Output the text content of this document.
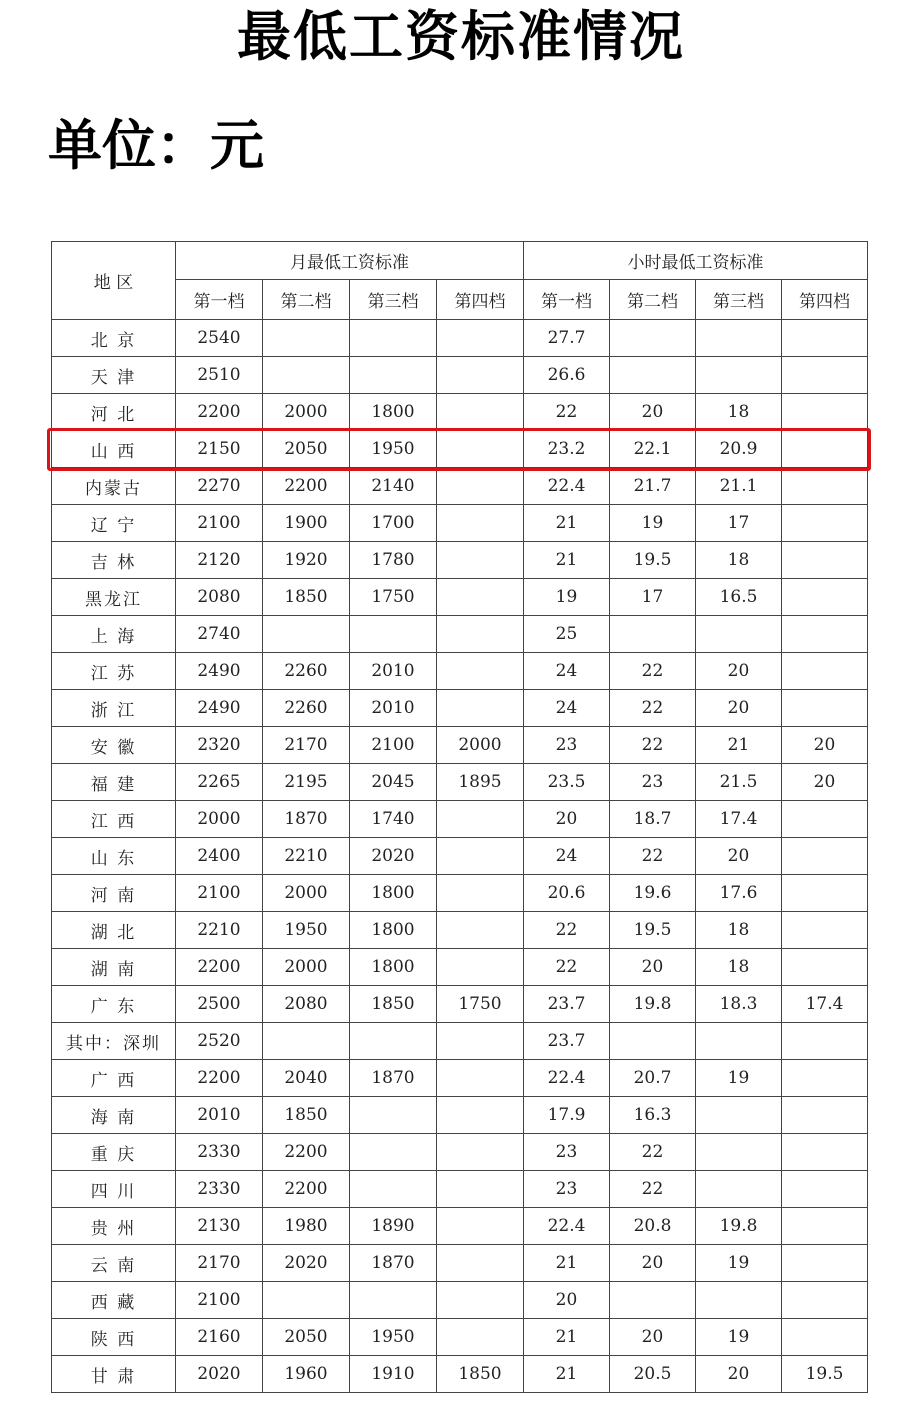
最低工资标准情况
单位：元
地 区	月最低工资标准				小时最低工资标准			
	第一档	第二档	第三档	第四档	第一档	第二档	第三档	第四档
北 京	2540				27.7			
天 津	2510				26.6			
河 北	2200	2000	1800		22	20	18	
山 西	2150	2050	1950		23.2	22.1	20.9	
内蒙古	2270	2200	2140		22.4	21.7	21.1	
辽 宁	2100	1900	1700		21	19	17	
吉 林	2120	1920	1780		21	19.5	18	
黑龙江	2080	1850	1750		19	17	16.5	
上 海	2740				25			
江 苏	2490	2260	2010		24	22	20	
浙 江	2490	2260	2010		24	22	20	
安 徽	2320	2170	2100	2000	23	22	21	20
福 建	2265	2195	2045	1895	23.5	23	21.5	20
江 西	2000	1870	1740		20	18.7	17.4	
山 东	2400	2210	2020		24	22	20	
河 南	2100	2000	1800		20.6	19.6	17.6	
湖 北	2210	1950	1800		22	19.5	18	
湖 南	2200	2000	1800		22	20	18	
广 东	2500	2080	1850	1750	23.7	19.8	18.3	17.4
其中：深圳	2520				23.7			
广 西	2200	2040	1870		22.4	20.7	19	
海 南	2010	1850			17.9	16.3		
重 庆	2330	2200			23	22		
四 川	2330	2200			23	22		
贵 州	2130	1980	1890		22.4	20.8	19.8	
云 南	2170	2020	1870		21	20	19	
西 藏	2100				20			
陕 西	2160	2050	1950		21	20	19	
甘 肃	2020	1960	1910	1850	21	20.5	20	19.5
